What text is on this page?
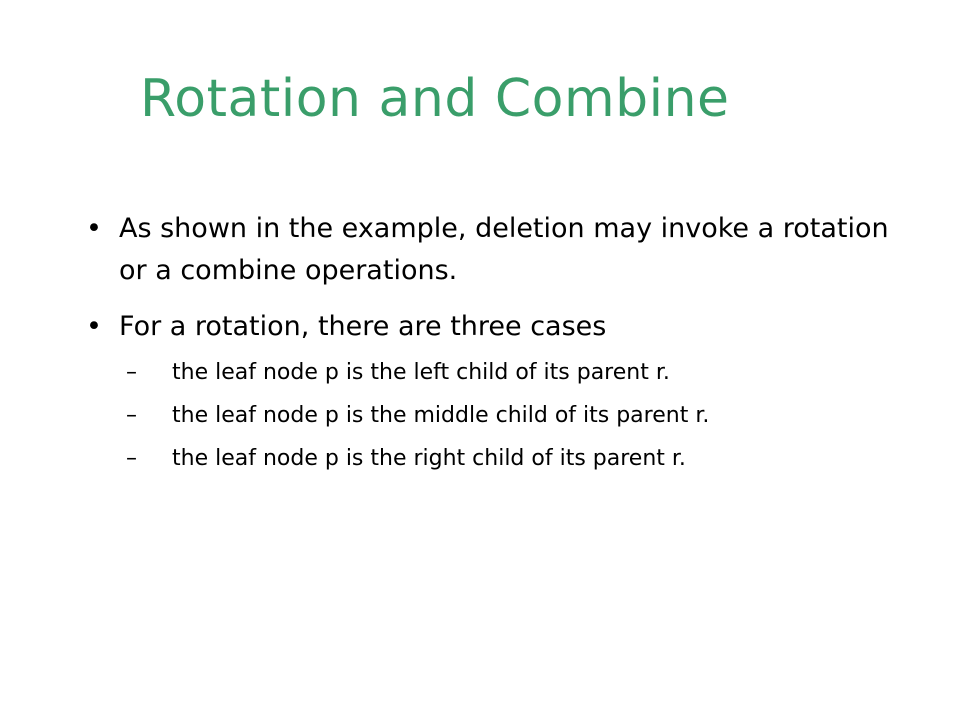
Rotation and Combine
• As shown in the example, deletion may invoke a rotation or a combine operations.
• For a rotation, there are three cases
– the leaf node p is the left child of its parent r.
– the leaf node p is the middle child of its parent r.
– the leaf node p is the right child of its parent r.
